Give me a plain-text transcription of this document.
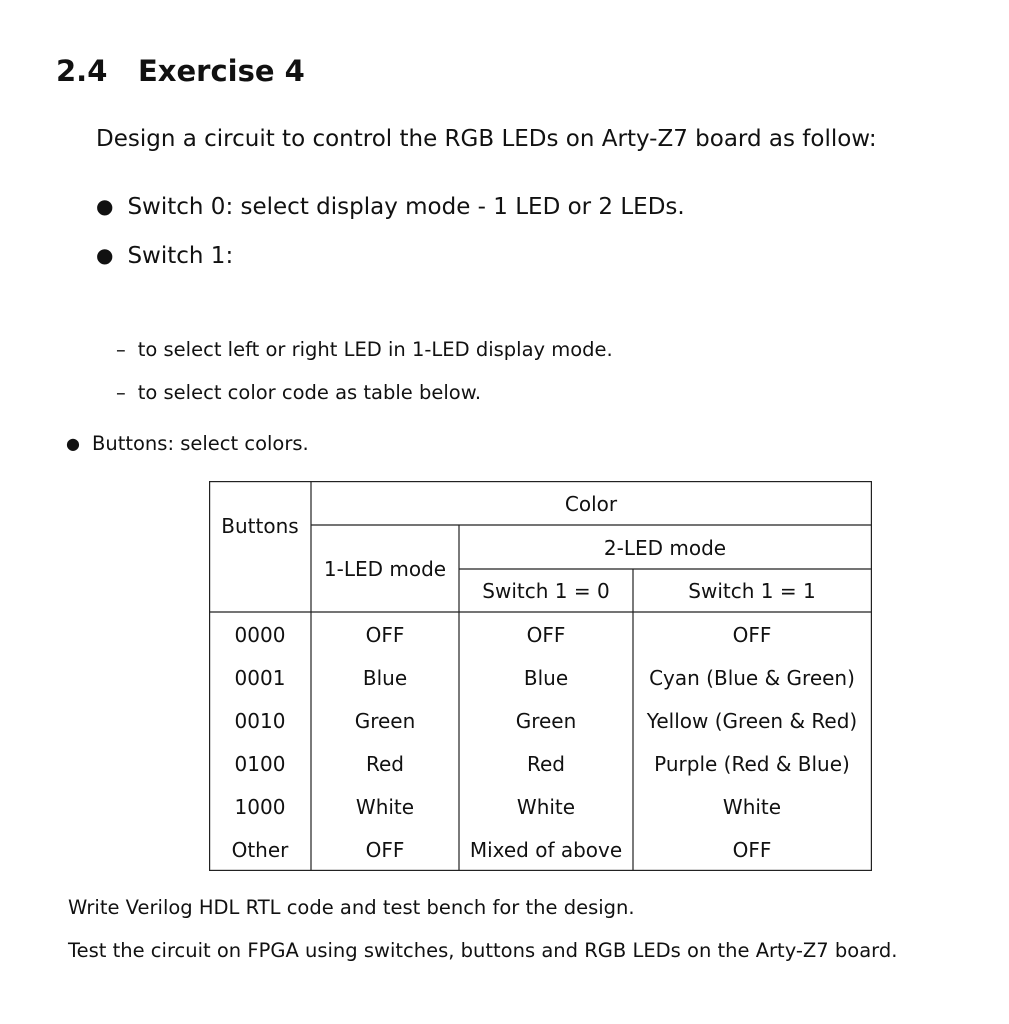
2.4 Exercise 4
Design a circuit to control the RGB LEDs on Arty-Z7 board as follow:
● Switch 0: select display mode - 1 LED or 2 LEDs.
● Switch 1:
– to select left or right LED in 1-LED display mode.
– to select color code as table below.
● Buttons: select colors.
Buttons
Color
1-LED mode
2-LED mode
Switch 1 = 0	Switch 1 = 1
0000	OFF	OFF	OFF
0001	Blue	Blue	Cyan (Blue & Green)
0010	Green	Green	Yellow (Green & Red)
0100	Red	Red	Purple (Red & Blue)
1000	White	White	White
Other	OFF	Mixed of above	OFF
Write Verilog HDL RTL code and test bench for the design.
Test the circuit on FPGA using switches, buttons and RGB LEDs on the Arty-Z7 board.
